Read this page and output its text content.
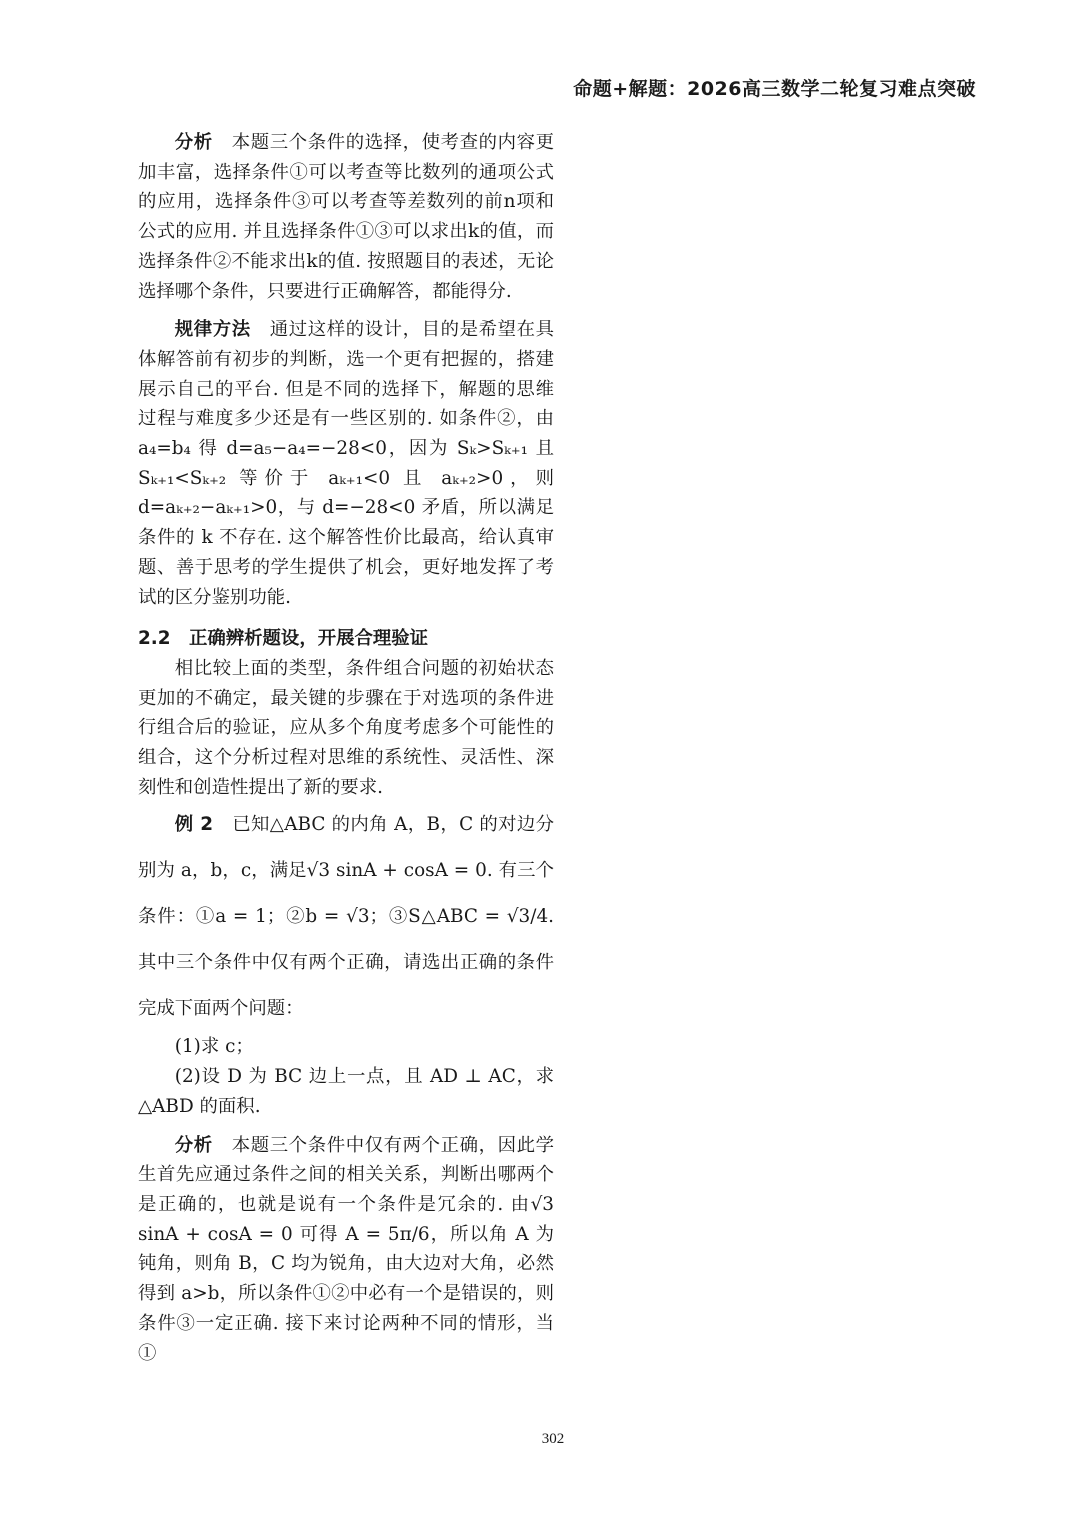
命题+解题：2026高三数学二轮复习难点突破

分析　 本题三个条件的选择，使考查的内容更加丰富，选择条件①可以考查等比数列的通项公式的应用，选择条件③可以考查等差数列的前n项和公式的应用. 并且选择条件①③可以求出k的值，而选择条件②不能求出k的值. 按照题目的表述，无论选择哪个条件，只要进行正确解答，都能得分.

规律方法　 通过这样的设计，目的是希望在具体解答前有初步的判断，选一个更有把握的，搭建展示自己的平台. 但是不同的选择下，解题的思维过程与难度多少还是有一些区别的. 如条件②，由a₄=b₄ 得 d=a₅−a₄=−28<0，因为 Sₖ>Sₖ₊₁ 且 Sₖ₊₁<Sₖ₊₂ 等价于 aₖ₊₁<0 且 aₖ₊₂>0，则 d=aₖ₊₂−aₖ₊₁>0，与 d=−28<0 矛盾，所以满足条件的 k 不存在. 这个解答性价比最高，给认真审题、善于思考的学生提供了机会，更好地发挥了考试的区分鉴别功能.

2.2　正确辨析题设，开展合理验证

相比较上面的类型，条件组合问题的初始状态更加的不确定，最关键的步骤在于对选项的条件进行组合后的验证，应从多个角度考虑多个可能性的组合，这个分析过程对思维的系统性、灵活性、深刻性和创造性提出了新的要求.

例 2　 已知△ABC 的内角 A，B，C 的对边分别为 a，b，c，满足√3 sinA + cosA = 0. 有三个条件：①a = 1；②b = √3；③S△ABC = √3/4. 其中三个条件中仅有两个正确，请选出正确的条件完成下面两个问题：

(1)求 c；

(2)设 D 为 BC 边上一点，且 AD ⊥ AC，求△ABD 的面积.

分析　 本题三个条件中仅有两个正确，因此学生首先应通过条件之间的相关关系，判断出哪两个是正确的，也就是说有一个条件是冗余的. 由√3 sinA + cosA = 0 可得 A = 5π/6，所以角 A 为钝角，则角 B，C 均为锐角，由大边对大角，必然得到 a>b，所以条件①②中必有一个是错误的，则条件③一定正确. 接下来讨论两种不同的情形，当①

302
